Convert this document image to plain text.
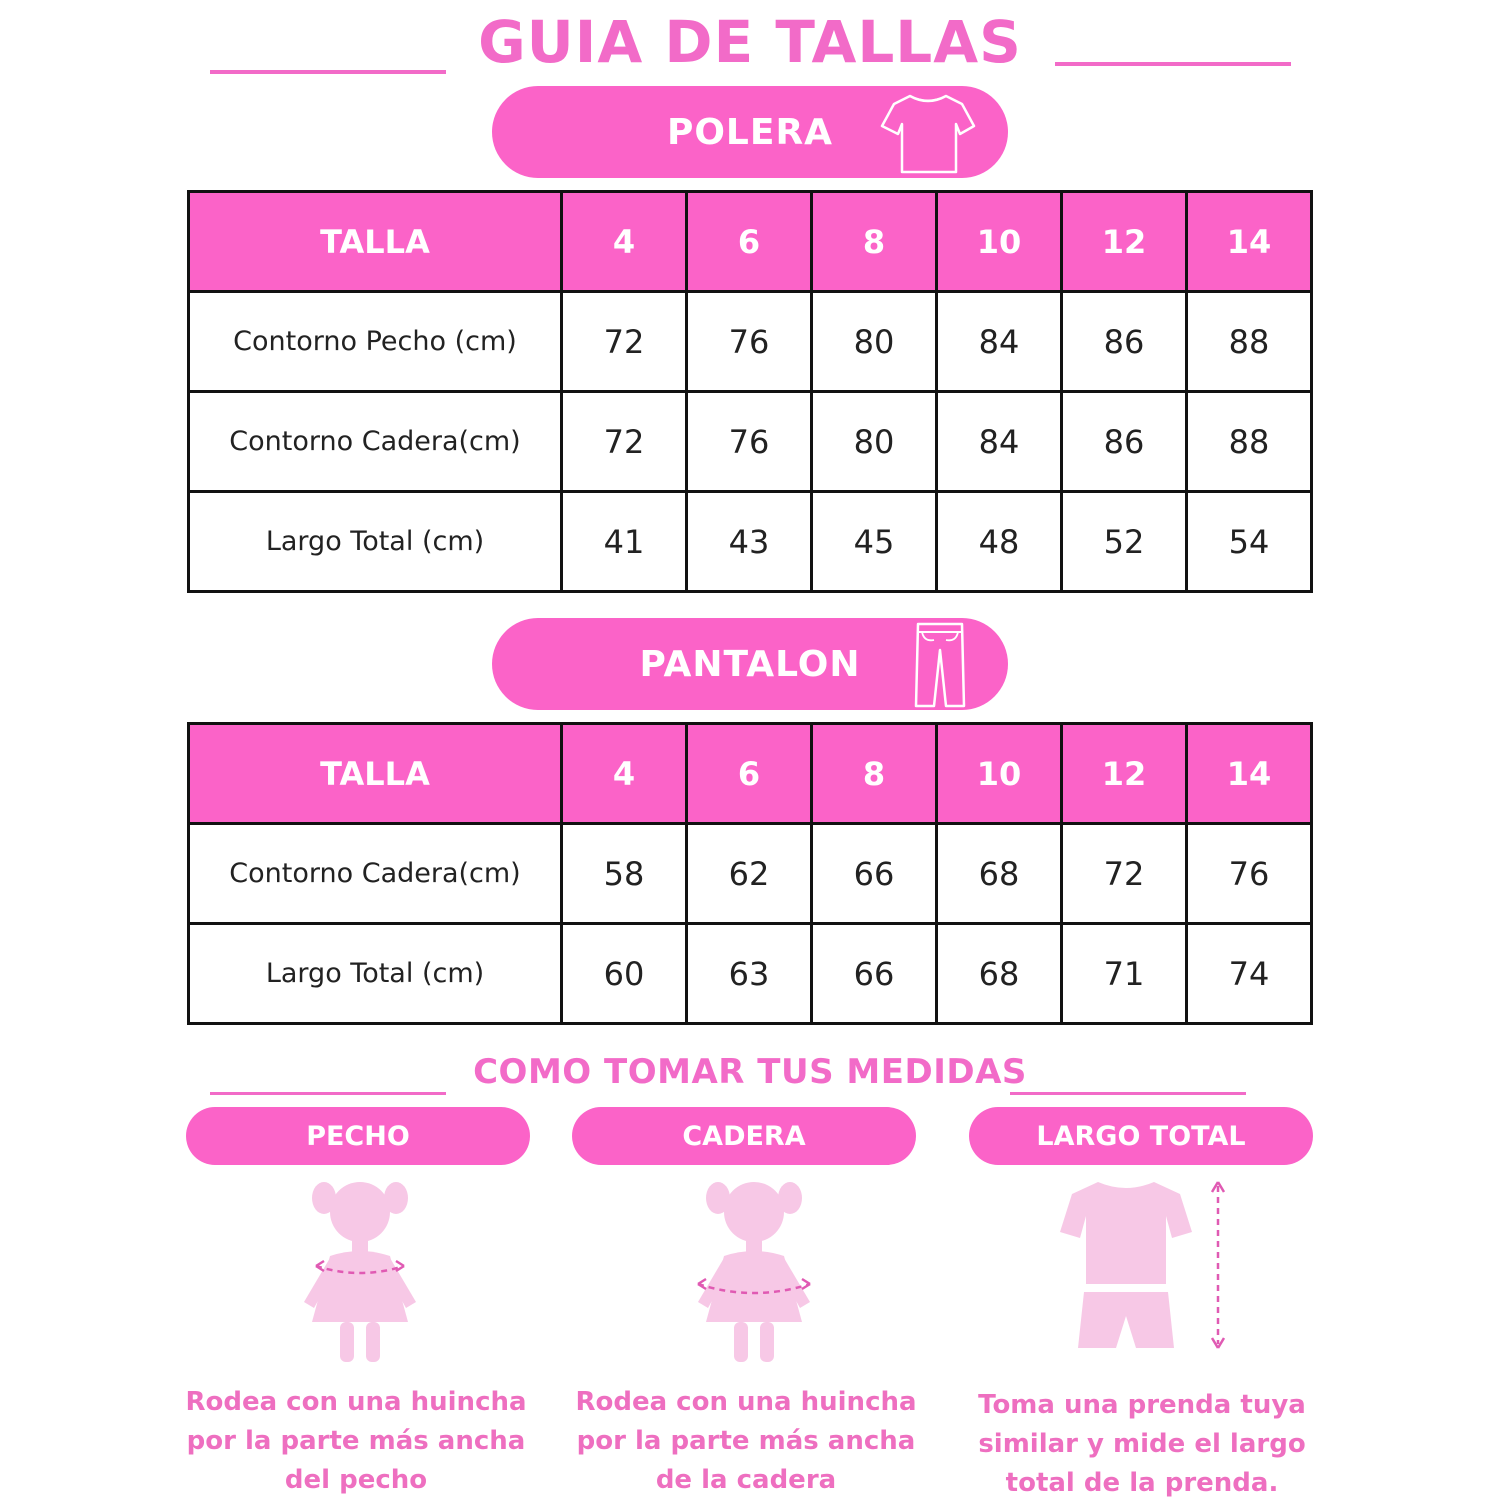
GUIA DE TALLAS
POLERA
TALLA	4	6	8	10	12	14
Contorno Pecho (cm)	72	76	80	84	86	88
Contorno Cadera(cm)	72	76	80	84	86	88
Largo Total (cm)	41	43	45	48	52	54
PANTALON
TALLA	4	6	8	10	12	14
Contorno Cadera(cm)	58	62	66	68	72	76
Largo Total (cm)	60	63	66	68	71	74
COMO TOMAR TUS MEDIDAS
PECHO	CADERA	LARGO TOTAL
Rodea con una huincha
por la parte más ancha
del pecho
Rodea con una huincha
por la parte más ancha
de la cadera
Toma una prenda tuya
similar y mide el largo
total de la prenda.
